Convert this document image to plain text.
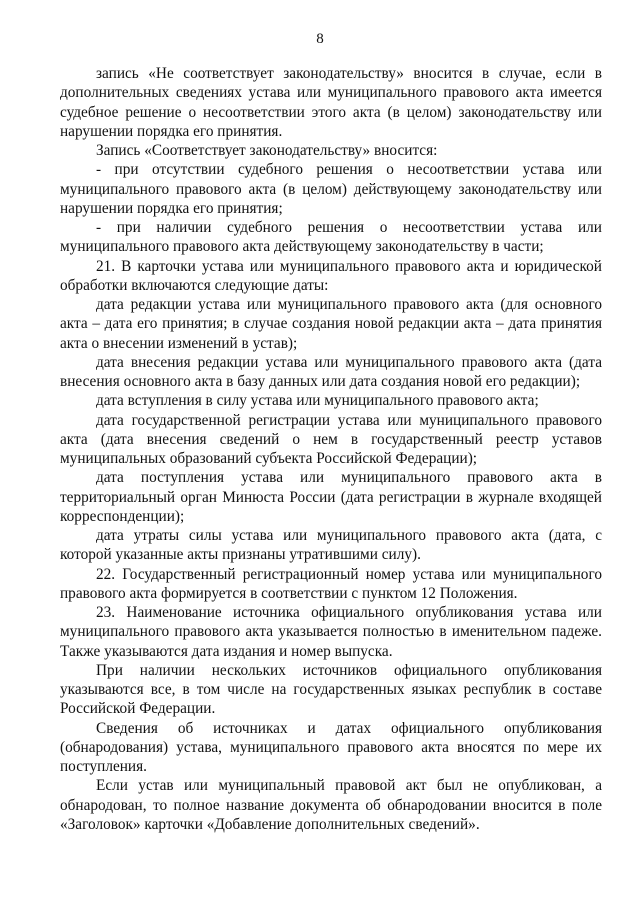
8

запись «Не соответствует законодательству» вносится в случае, если в дополнительных сведениях устава или муниципального правового акта имеется судебное решение о несоответствии этого акта (в целом) законодательству или нарушении порядка его принятия.

Запись «Соответствует законодательству» вносится:

- при отсутствии судебного решения о несоответствии устава или муниципального правового акта (в целом) действующему законодательству или нарушении порядка его принятия;

- при наличии судебного решения о несоответствии устава или муниципального правового акта действующему законодательству в части;

21. В карточки устава или муниципального правового акта и юридической обработки включаются следующие даты:

дата редакции устава или муниципального правового акта (для основного акта – дата его принятия; в случае создания новой редакции акта – дата принятия акта о внесении изменений в устав);

дата внесения редакции устава или муниципального правового акта (дата внесения основного акта в базу данных или дата создания новой его редакции);

дата вступления в силу устава или муниципального правового акта;

дата государственной регистрации устава или муниципального правового акта (дата внесения сведений о нем в государственный реестр уставов муниципальных образований субъекта Российской Федерации);

дата поступления устава или муниципального правового акта в территориальный орган Минюста России (дата регистрации в журнале входящей корреспонденции);

дата утраты силы устава или муниципального правового акта (дата, с которой указанные акты признаны утратившими силу).

22. Государственный регистрационный номер устава или муниципального правового акта формируется в соответствии с пунктом 12 Положения.

23. Наименование источника официального опубликования устава или муниципального правового акта указывается полностью в именительном падеже. Также указываются дата издания и номер выпуска.

При наличии нескольких источников официального опубликования указываются все, в том числе на государственных языках республик в составе Российской Федерации.

Сведения об источниках и датах официального опубликования (обнародования) устава, муниципального правового акта вносятся по мере их поступления.

Если устав или муниципальный правовой акт был не опубликован, а обнародован, то полное название документа об обнародовании вносится в поле «Заголовок» карточки «Добавление дополнительных сведений».
